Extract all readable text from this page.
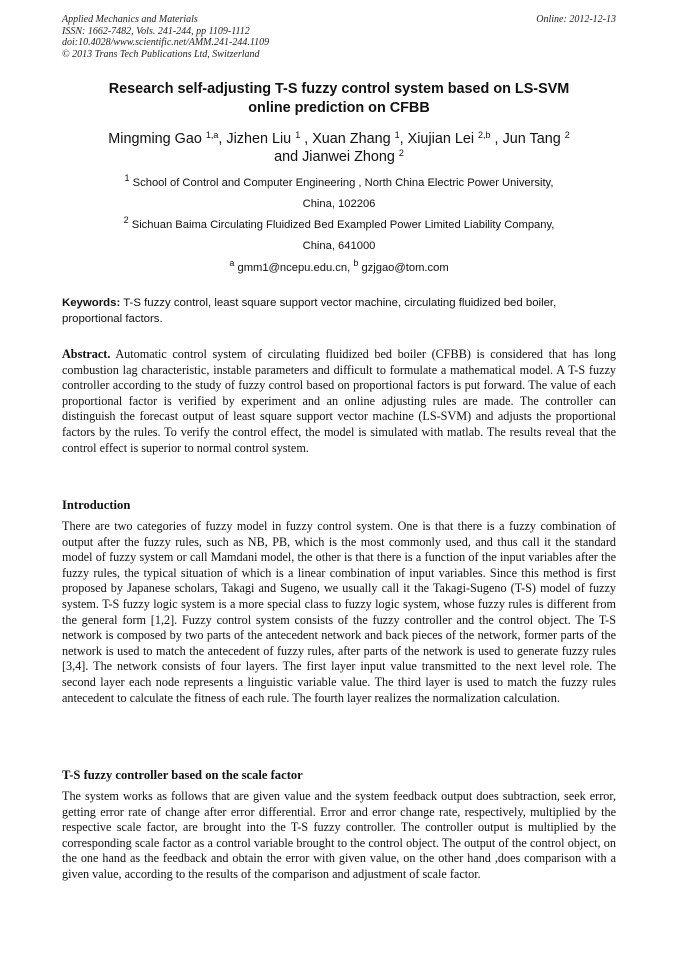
Applied Mechanics and Materials
ISSN: 1662-7482, Vols. 241-244, pp 1109-1112
doi:10.4028/www.scientific.net/AMM.241-244.1109
© 2013 Trans Tech Publications Ltd, Switzerland
Online: 2012-12-13
Research self-adjusting T-S fuzzy control system based on LS-SVM
online prediction on CFBB
Mingming Gao $^{1,a}$, Jizhen Liu $^1$ , Xuan Zhang $^1$, Xiujian Lei $^{2,b}$ , Jun Tang $^2$
and Jianwei Zhong $^2$
$^1$ School of Control and Computer Engineering , North China Electric Power University,
China, 102206
$^2$ Sichuan Baima Circulating Fluidized Bed Exampled Power Limited Liability Company,
China, 641000
$^a$ gmm1@ncepu.edu.cn, $^b$ gzjgao@tom.com
Keywords: T-S fuzzy control, least square support vector machine, circulating fluidized bed boiler, proportional factors.
Abstract. Automatic control system of circulating fluidized bed boiler (CFBB) is considered that has long combustion lag characteristic, instable parameters and difficult to formulate a mathematical model. A T-S fuzzy controller according to the study of fuzzy control based on proportional factors is put forward. The value of each proportional factor is verified by experiment and an online adjusting rules are made. The controller can distinguish the forecast output of least square support vector machine (LS-SVM) and adjusts the proportional factors by the rules. To verify the control effect, the model is simulated with matlab. The results reveal that the control effect is superior to normal control system.
Introduction
There are two categories of fuzzy model in fuzzy control system. One is that there is a fuzzy combination of output after the fuzzy rules, such as NB, PB, which is the most commonly used, and thus call it the standard model of fuzzy system or call Mamdani model, the other is that there is a function of the input variables after the fuzzy rules, the typical situation of which is a linear combination of input variables. Since this method is first proposed by Japanese scholars, Takagi and Sugeno, we usually call it the Takagi-Sugeno (T-S) model of fuzzy system. T-S fuzzy logic system is a more special class to fuzzy logic system, whose fuzzy rules is different from the general form [1,2]. Fuzzy control system consists of the fuzzy controller and the control object. The T-S network is composed by two parts of the antecedent network and back pieces of the network, former parts of the network is used to match the antecedent of fuzzy rules, after parts of the network is used to generate fuzzy rules [3,4]. The network consists of four layers. The first layer input value transmitted to the next level role. The second layer each node represents a linguistic variable value. The third layer is used to match the fuzzy rules antecedent to calculate the fitness of each rule. The fourth layer realizes the normalization calculation.
T-S fuzzy controller based on the scale factor
The system works as follows that are given value and the system feedback output does subtraction, seek error, getting error rate of change after error differential. Error and error change rate, respectively, multiplied by the respective scale factor, are brought into the T-S fuzzy controller. The controller output is multiplied by the corresponding scale factor as a control variable brought to the control object. The output of the control object, on the one hand as the feedback and obtain the error with given value, on the other hand ,does comparison with a given value, according to the results of the comparison and adjustment of scale factor.
